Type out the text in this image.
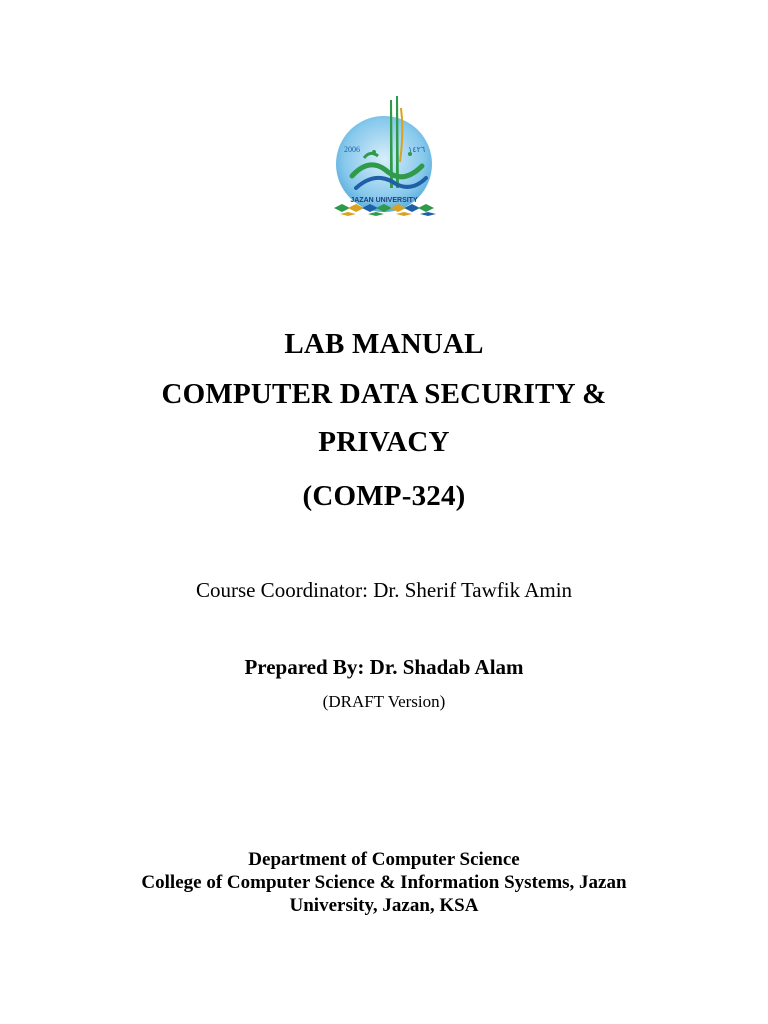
2006	١٤٢٦
JAZAN UNIVERSITY
LAB MANUAL
COMPUTER DATA SECURITY &
PRIVACY
(COMP-324)
Course Coordinator: Dr. Sherif Tawfik Amin
Prepared By: Dr. Shadab Alam
(DRAFT Version)
Department of Computer Science
College of Computer Science & Information Systems, Jazan
University, Jazan, KSA
